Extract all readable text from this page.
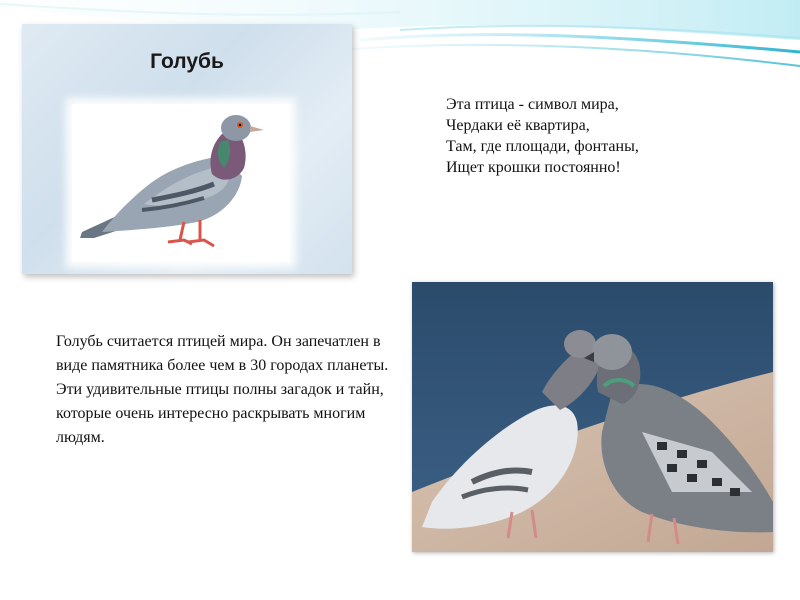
Голубь
Эта птица - символ мира,
Чердаки её квартира,
Там, где площади, фонтаны,
Ищет крошки постоянно!
Голубь считается птицей мира. Он запечатлен в виде памятника более чем в 30 городах планеты. Эти удивительные птицы полны загадок и тайн, которые очень интересно раскрывать многим людям.
